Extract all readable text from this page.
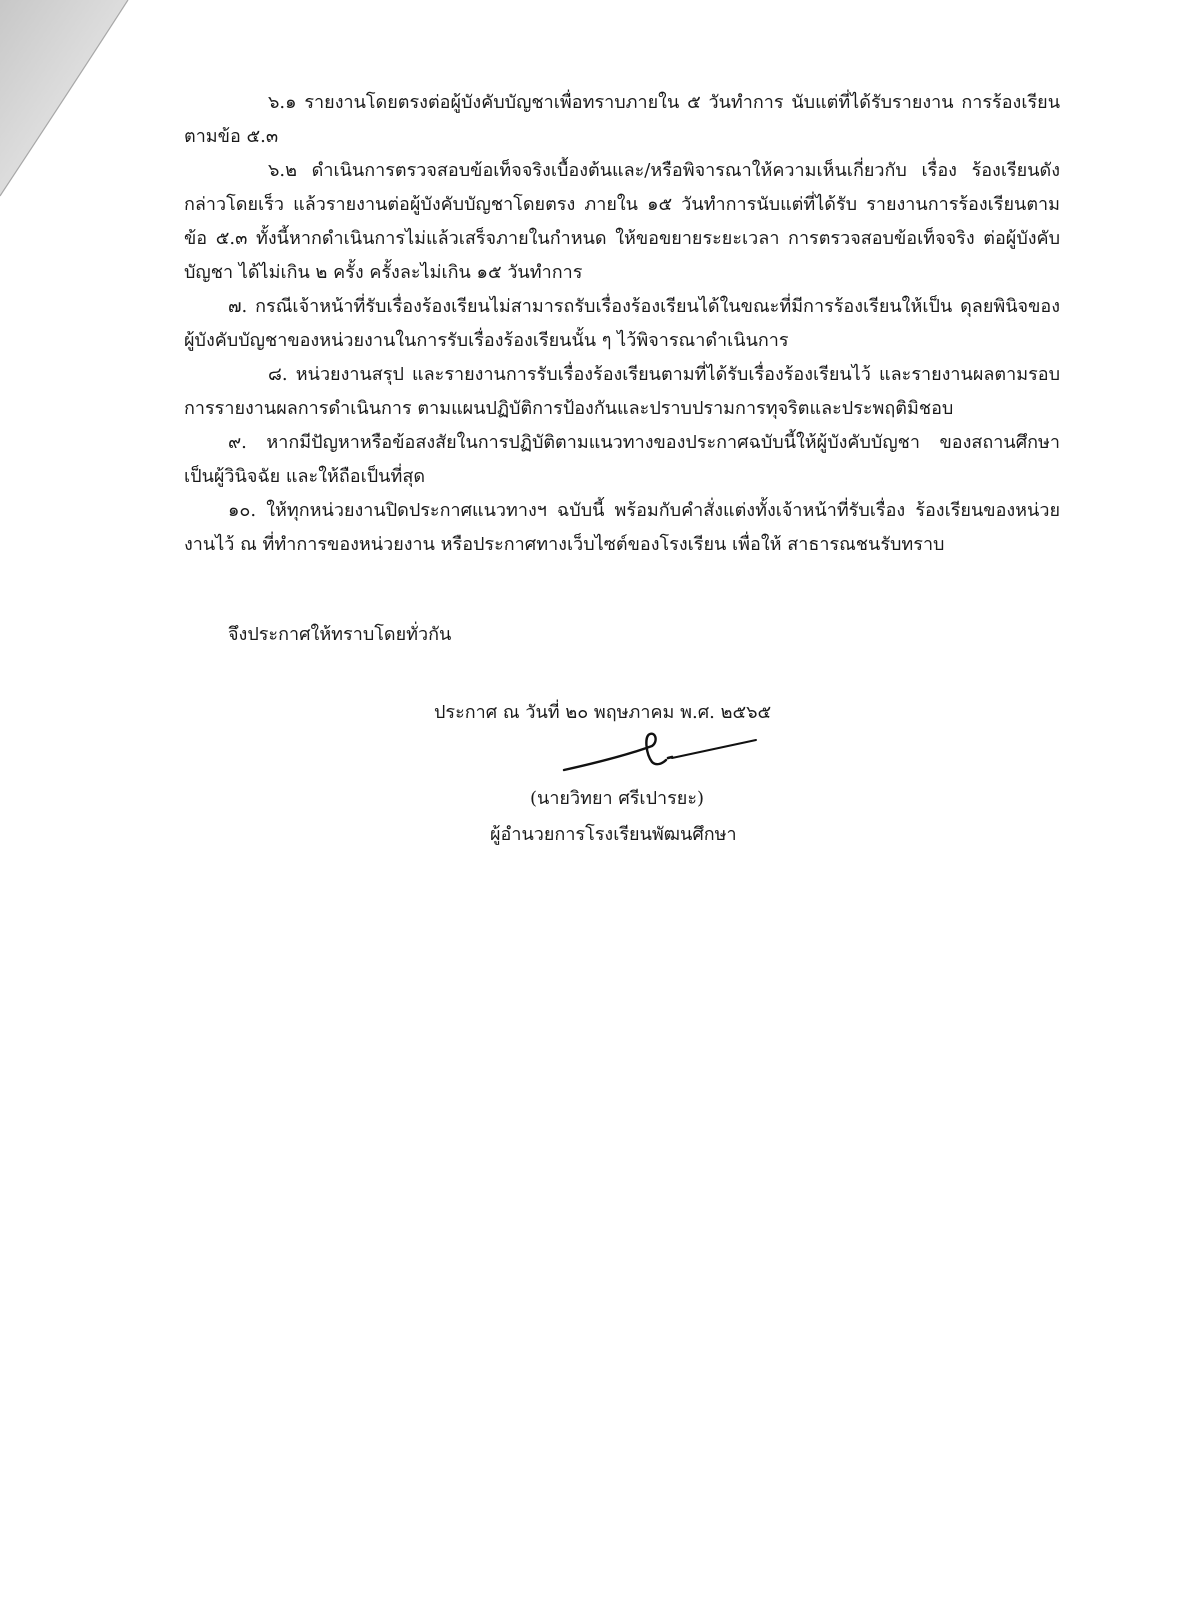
๖.๑ รายงานโดยตรงต่อผู้บังคับบัญชาเพื่อทราบภายใน ๕ วันทำการ นับแต่ที่ได้รับรายงาน การร้องเรียนตามข้อ ๕.๓

๖.๒ ดำเนินการตรวจสอบข้อเท็จจริงเบื้องต้นและ/หรือพิจารณาให้ความเห็นเกี่ยวกับ เรื่อง ร้องเรียนดังกล่าวโดยเร็ว แล้วรายงานต่อผู้บังคับบัญชาโดยตรง ภายใน ๑๕ วันทำการนับแต่ที่ได้รับ รายงานการร้องเรียนตามข้อ ๕.๓ ทั้งนี้หากดำเนินการไม่แล้วเสร็จภายในกำหนด ให้ขอขยายระยะเวลา การตรวจสอบข้อเท็จจริง ต่อผู้บังคับบัญชา ได้ไม่เกิน ๒ ครั้ง ครั้งละไม่เกิน ๑๕ วันทำการ

๗. กรณีเจ้าหน้าที่รับเรื่องร้องเรียนไม่สามารถรับเรื่องร้องเรียนได้ในขณะที่มีการร้องเรียนให้เป็น ดุลยพินิจของผู้บังคับบัญชาของหน่วยงานในการรับเรื่องร้องเรียนนั้น ๆ ไว้พิจารณาดำเนินการ

๘. หน่วยงานสรุป และรายงานการรับเรื่องร้องเรียนตามที่ได้รับเรื่องร้องเรียนไว้ และรายงานผลตามรอบการรายงานผลการดำเนินการ ตามแผนปฏิบัติการป้องกันและปราบปรามการทุจริตและประพฤติมิชอบ

๙. หากมีปัญหาหรือข้อสงสัยในการปฏิบัติตามแนวทางของประกาศฉบับนี้ให้ผู้บังคับบัญชา ของสถานศึกษาเป็นผู้วินิจฉัย และให้ถือเป็นที่สุด

๑๐. ให้ทุกหน่วยงานปิดประกาศแนวทางฯ ฉบับนี้ พร้อมกับคำสั่งแต่งทั้งเจ้าหน้าที่รับเรื่อง ร้องเรียนของหน่วยงานไว้ ณ ที่ทำการของหน่วยงาน หรือประกาศทางเว็บไซต์ของโรงเรียน เพื่อให้ สาธารณชนรับทราบ

จึงประกาศให้ทราบโดยทั่วกัน
ประกาศ ณ วันที่ ๒๐ พฤษภาคม พ.ศ. ๒๕๖๕
(นายวิทยา ศรีเปารยะ)
ผู้อำนวยการโรงเรียนพัฒนศึกษา
